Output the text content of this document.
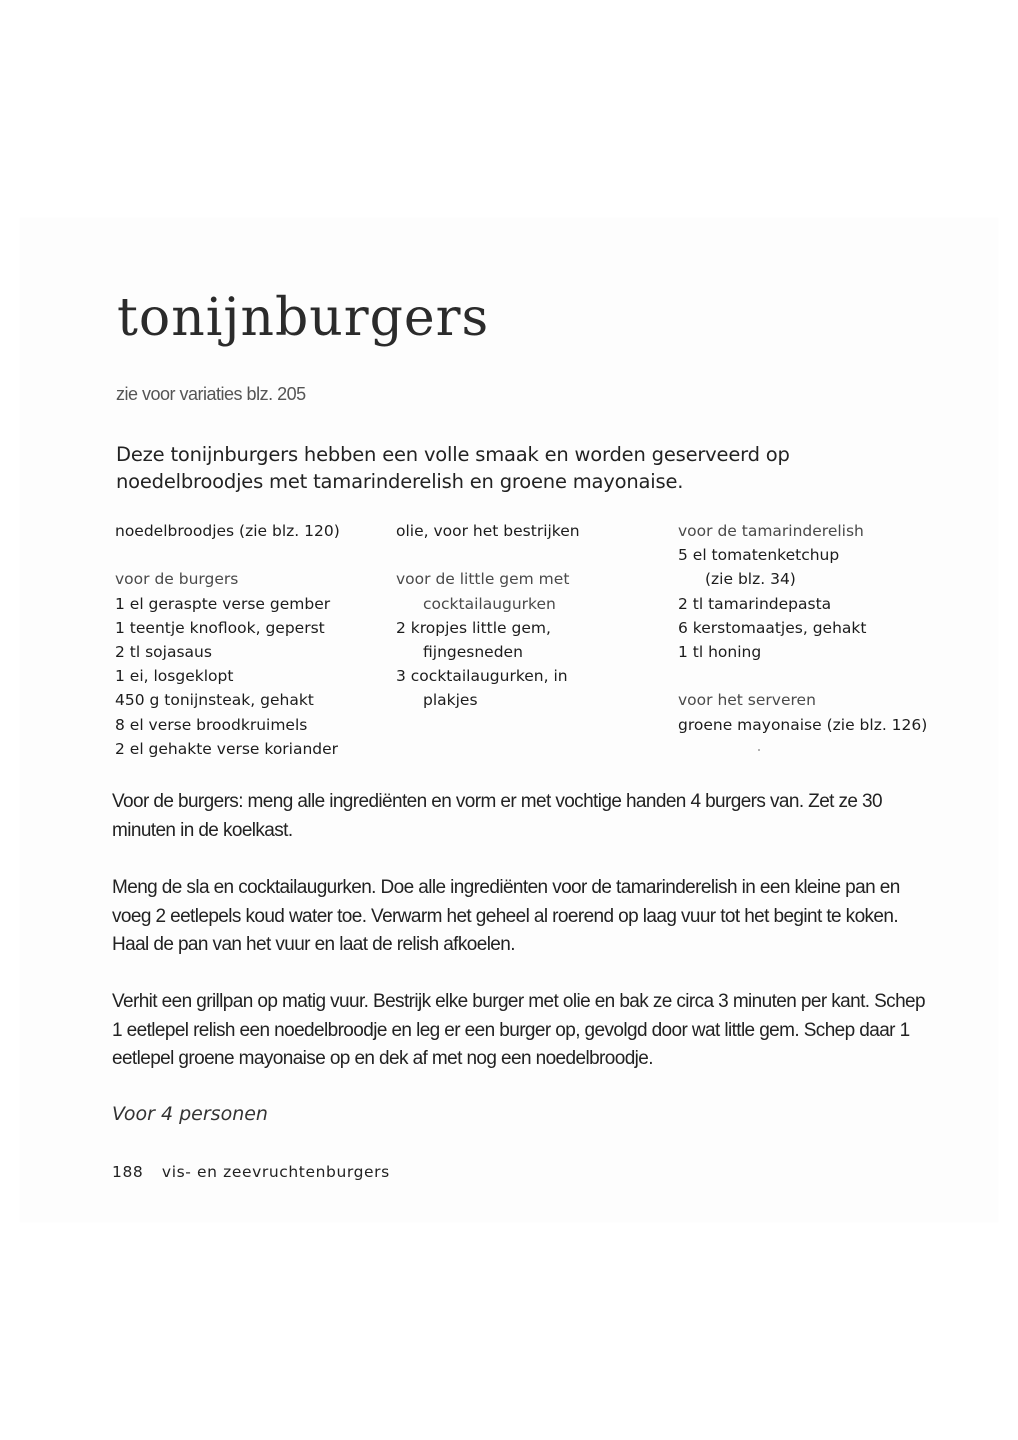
tonijnburgers
zie voor variaties blz. 205

Deze tonijnburgers hebben een volle smaak en worden geserveerd op noedelbroodjes met tamarinderelish en groene mayonaise.

noedelbroodjes (zie blz. 120)
voor de burgers
1 el geraspte verse gember
1 teentje knoflook, geperst
2 tl sojasaus
1 ei, losgeklopt
450 g tonijnsteak, gehakt
8 el verse broodkruimels
2 el gehakte verse koriander
olie, voor het bestrijken
voor de little gem met
cocktailaugurken
2 kropjes little gem,
fijngesneden
3 cocktailaugurken, in
plakjes
voor de tamarinderelish
5 el tomatenketchup
(zie blz. 34)
2 tl tamarindepasta
6 kerstomaatjes, gehakt
1 tl honing
voor het serveren
groene mayonaise (zie blz. 126)

Voor de burgers: meng alle ingrediënten en vorm er met vochtige handen 4 burgers van. Zet ze 30 minuten in de koelkast.

Meng de sla en cocktailaugurken. Doe alle ingrediënten voor de tamarinderelish in een kleine pan en voeg 2 eetlepels koud water toe. Verwarm het geheel al roerend op laag vuur tot het begint te koken. Haal de pan van het vuur en laat de relish afkoelen.

Verhit een grillpan op matig vuur. Bestrijk elke burger met olie en bak ze circa 3 minuten per kant. Schep 1 eetlepel relish een noedelbroodje en leg er een burger op, gevolgd door wat little gem. Schep daar 1 eetlepel groene mayonaise op en dek af met nog een noedelbroodje.

Voor 4 personen
188 vis- en zeevruchtenburgers
